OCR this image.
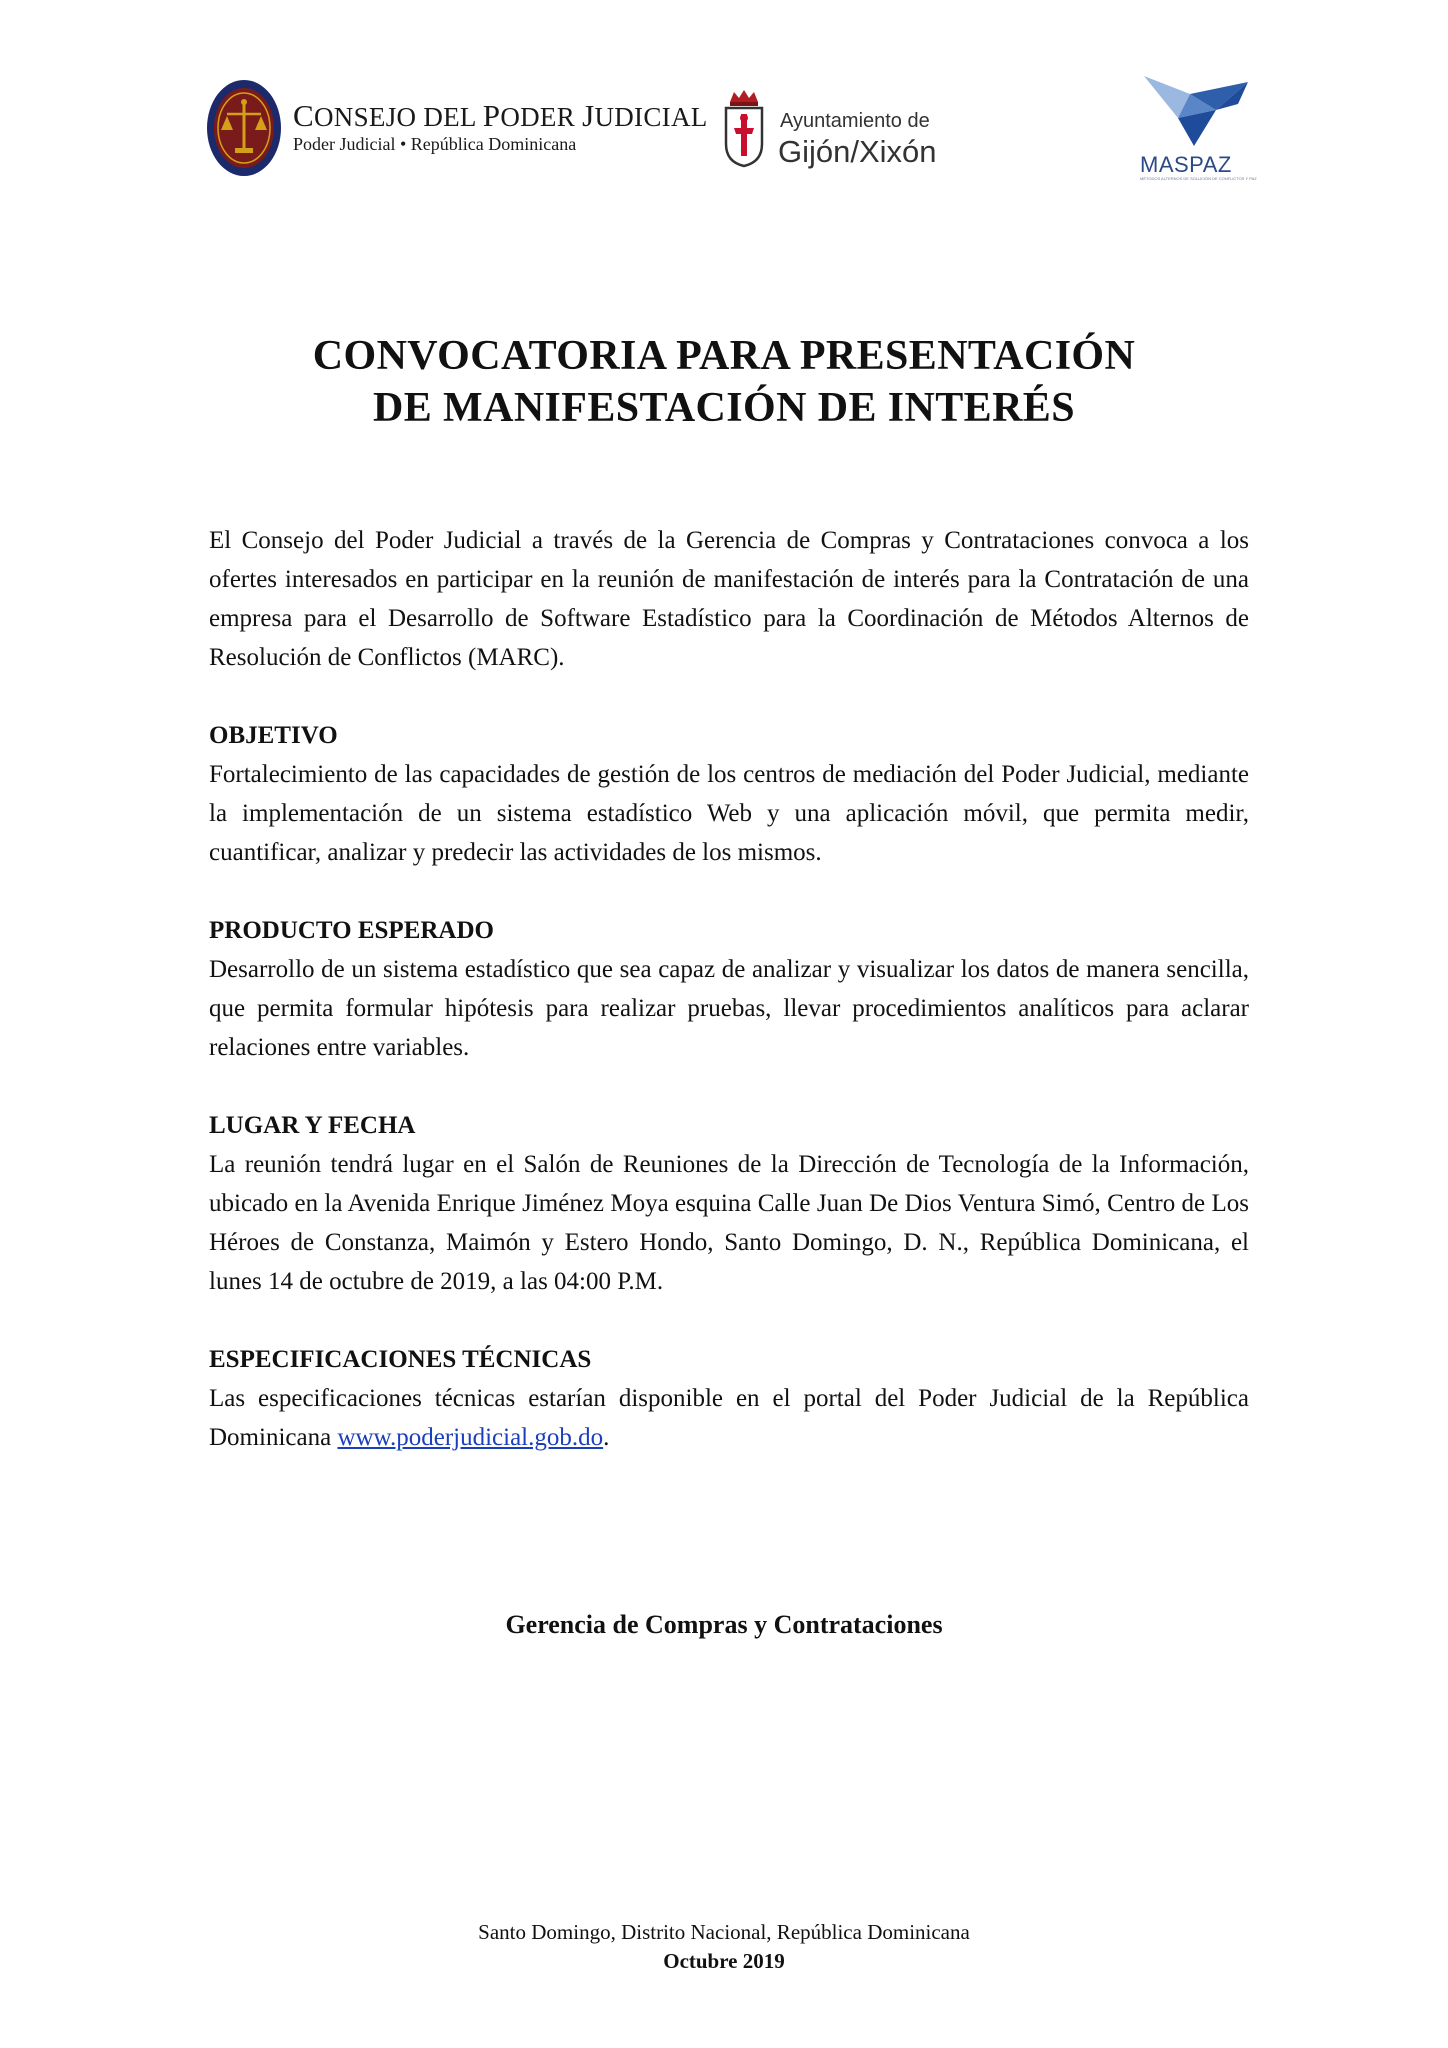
CONSEJO DEL PODER JUDICIAL
Poder Judicial • República Dominicana
Ayuntamiento de
Gijón/Xixón	MASPAZ
MÉTODOS ALTERNOS DE SOLUCIÓN DE CONFLICTOS Y PAZ
CONVOCATORIA PARA PRESENTACIÓN
DE MANIFESTACIÓN DE INTERÉS

El Consejo del Poder Judicial a través de la Gerencia de Compras y Contrataciones convoca a los ofertes interesados en participar en la reunión de manifestación de interés para la Contratación de una empresa para el Desarrollo de Software Estadístico para la Coordinación de Métodos Alternos de Resolución de Conflictos (MARC).

OBJETIVO

Fortalecimiento de las capacidades de gestión de los centros de mediación del Poder Judicial, mediante la implementación de un sistema estadístico Web y una aplicación móvil, que permita medir, cuantificar, analizar y predecir las actividades de los mismos.

PRODUCTO ESPERADO

Desarrollo de un sistema estadístico que sea capaz de analizar y visualizar los datos de manera sencilla, que permita formular hipótesis para realizar pruebas, llevar procedimientos analíticos para aclarar relaciones entre variables.

LUGAR Y FECHA

La reunión tendrá lugar en el Salón de Reuniones de la Dirección de Tecnología de la Información, ubicado en la Avenida Enrique Jiménez Moya esquina Calle Juan De Dios Ventura Simó, Centro de Los Héroes de Constanza, Maimón y Estero Hondo, Santo Domingo, D. N., República Dominicana, el lunes 14 de octubre de 2019, a las 04:00 P.M.

ESPECIFICACIONES TÉCNICAS

Las especificaciones técnicas estarían disponible en el portal del Poder Judicial de la República Dominicana www.poderjudicial.gob.do.

Gerencia de Compras y Contrataciones
Santo Domingo, Distrito Nacional, República Dominicana
Octubre 2019
